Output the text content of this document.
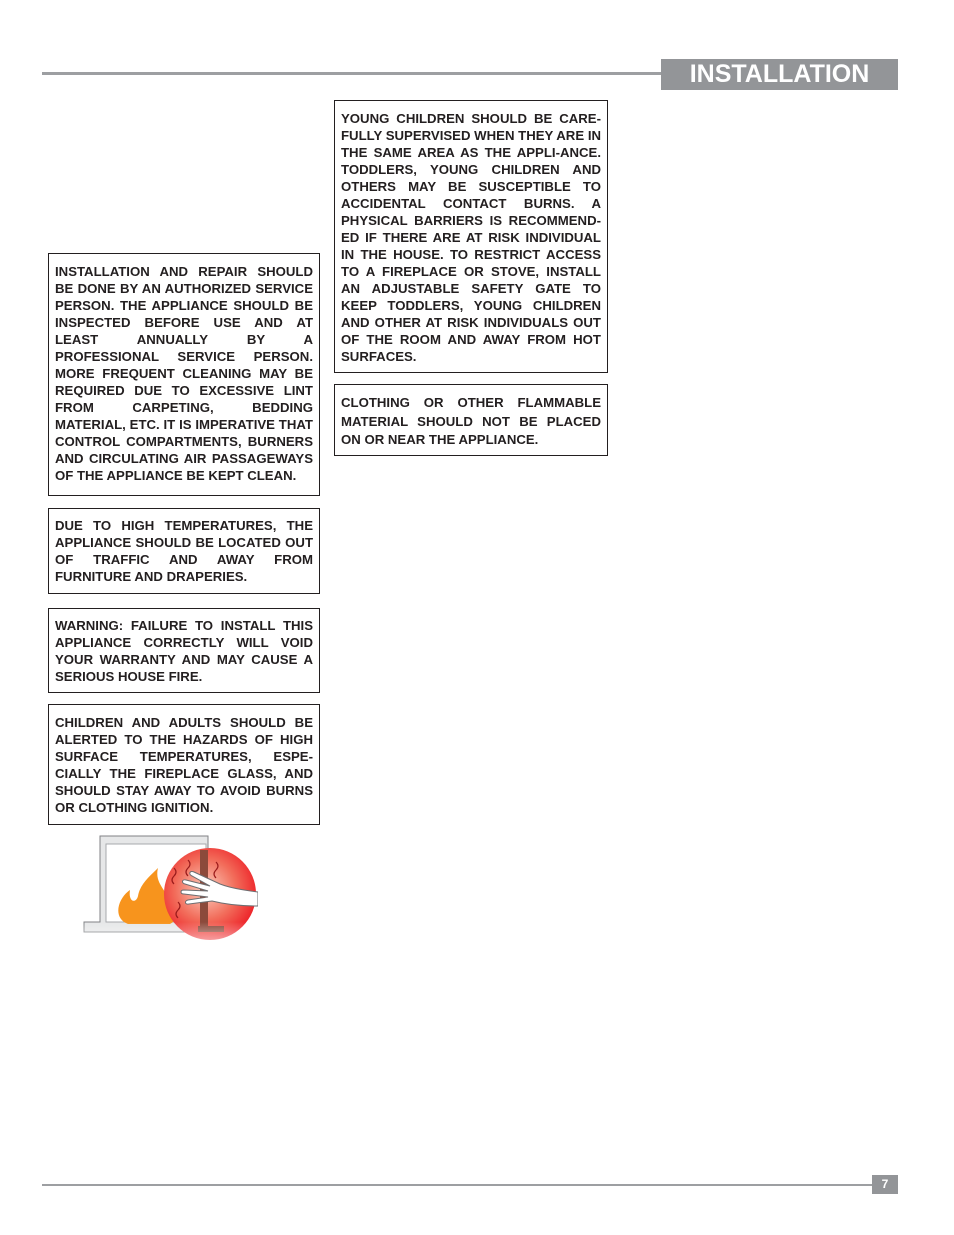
INSTALLATION
INSTALLATION AND REPAIR SHOULD BE DONE BY AN AUTHORIZED SERVICE PERSON. THE APPLIANCE SHOULD BE INSPECTED BEFORE USE AND AT LEAST ANNUALLY BY A PROFESSIONAL SERVICE PERSON. MORE FREQUENT CLEANING MAY BE REQUIRED DUE TO EXCESSIVE LINT FROM CARPETING, BEDDING MATERIAL, ETC. IT IS IMPERATIVE THAT CONTROL COMPARTMENTS, BURNERS AND CIRCULATING AIR PASSAGEWAYS OF THE APPLIANCE BE KEPT CLEAN.
DUE TO HIGH TEMPERATURES, THE APPLIANCE SHOULD BE LOCATED OUT OF TRAFFIC AND AWAY FROM FURNITURE AND DRAPERIES.
WARNING: FAILURE TO INSTALL THIS APPLIANCE CORRECTLY WILL VOID YOUR WARRANTY AND MAY CAUSE A SERIOUS HOUSE FIRE.
CHILDREN AND ADULTS SHOULD BE ALERTED TO THE HAZARDS OF HIGH SURFACE TEMPERATURES, ESPE-CIALLY THE FIREPLACE GLASS, AND SHOULD STAY AWAY TO AVOID BURNS OR CLOTHING IGNITION.
YOUNG CHILDREN SHOULD BE CARE-FULLY SUPERVISED WHEN THEY ARE IN THE SAME AREA AS THE APPLI-ANCE. TODDLERS, YOUNG CHILDREN AND OTHERS MAY BE SUSCEPTIBLE TO ACCIDENTAL CONTACT BURNS. A PHYSICAL BARRIERS IS RECOMMEND-ED IF THERE ARE AT RISK INDIVIDUAL IN THE HOUSE. TO RESTRICT ACCESS TO A FIREPLACE OR STOVE, INSTALL AN ADJUSTABLE SAFETY GATE TO KEEP TODDLERS, YOUNG CHILDREN AND OTHER AT RISK INDIVIDUALS OUT OF THE ROOM AND AWAY FROM HOT SURFACES.
CLOTHING OR OTHER FLAMMABLE MATERIAL SHOULD NOT BE PLACED ON OR NEAR THE APPLIANCE.
7
